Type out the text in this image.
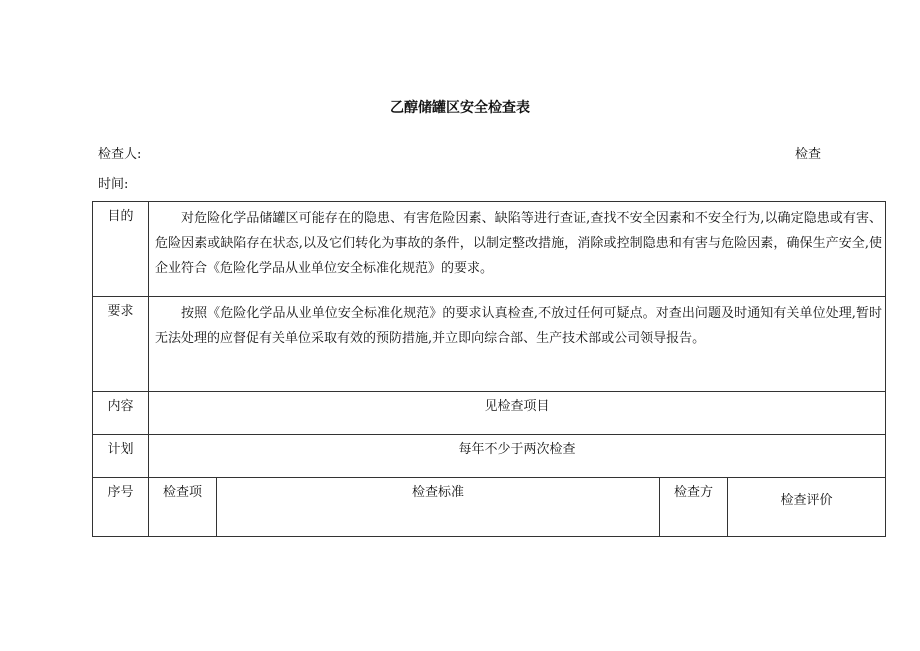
乙醇储罐区安全检查表
检查人:	检查
时间:
目的	对危险化学品储罐区可能存在的隐患、有害危险因素、缺陷等进行查证,查找不安全因素和不安全行为,以确定隐患或有害、危险因素或缺陷存在状态,以及它们转化为事故的条件，以制定整改措施，消除或控制隐患和有害与危险因素，确保生产安全,使企业符合《危险化学品从业单位安全标准化规范》的要求。			
要求	按照《危险化学品从业单位安全标准化规范》的要求认真检查,不放过任何可疑点。对查出问题及时通知有关单位处理,暂时无法处理的应督促有关单位采取有效的预防措施,并立即向综合部、生产技术部或公司领导报告。			
内容	见检查项目			
计划	每年不少于两次检查			
序号	检查项	检查标准	检查方	检查评价
